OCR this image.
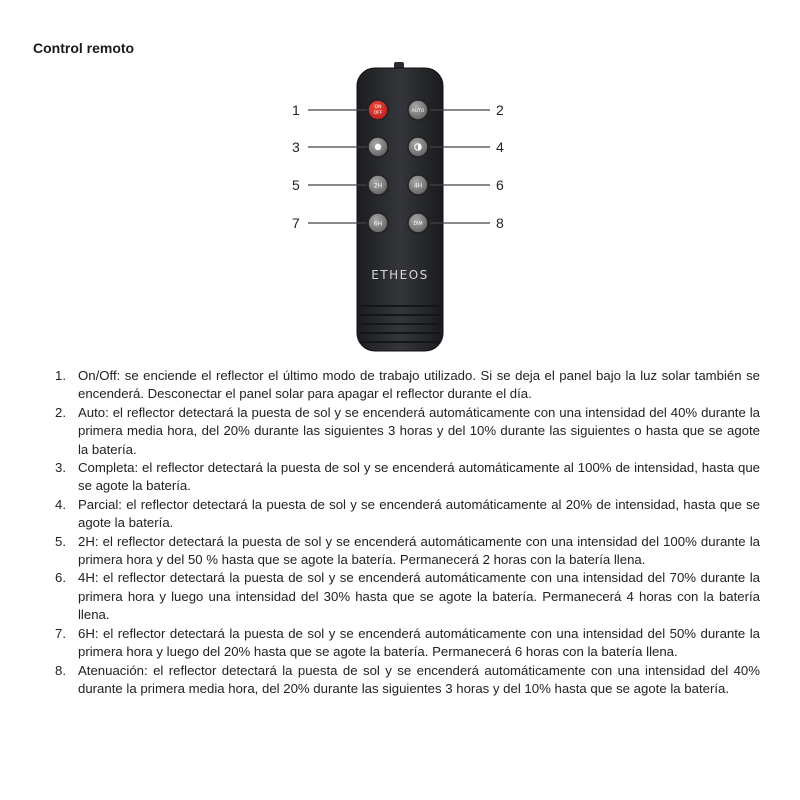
Control remoto
ON
OFF	AUTO
2H	4H
6H	DIM
ETHEOS
1	2
3	4
5	6
7	8
1. On/Off: se enciende el reflector el último modo de trabajo utilizado. Si se deja el panel bajo la luz solar también se encenderá. Desconectar el panel solar para apagar el reflector durante el día.
2. Auto: el reflector detectará la puesta de sol y se encenderá automáticamente con una intensidad del 40% durante la primera media hora, del 20% durante las siguientes 3 horas y del 10% durante las siguientes o hasta que se agote la batería.
3. Completa: el reflector detectará la puesta de sol y se encenderá automáticamente al 100% de intensidad, hasta que se agote la batería.
4. Parcial: el reflector detectará la puesta de sol y se encenderá automáticamente al 20% de intensidad, hasta que se agote la batería.
5. 2H: el reflector detectará la puesta de sol y se encenderá automáticamente con una intensidad del 100% durante la primera hora y del 50 % hasta que se agote la batería. Permanecerá 2 horas con la batería llena.
6. 4H: el reflector detectará la puesta de sol y se encenderá automáticamente con una intensidad del 70% durante la primera hora y luego una intensidad del 30% hasta que se agote la batería. Permanecerá 4 horas con la batería llena.
7. 6H: el reflector detectará la puesta de sol y se encenderá automáticamente con una intensidad del 50% durante la primera hora y luego del 20% hasta que se agote la batería. Permanecerá 6 horas con la batería llena.
8. Atenuación: el reflector detectará la puesta de sol y se encenderá automáticamente con una intensidad del 40% durante la primera media hora, del 20% durante las siguientes 3 horas y del 10% hasta que se agote la batería.
